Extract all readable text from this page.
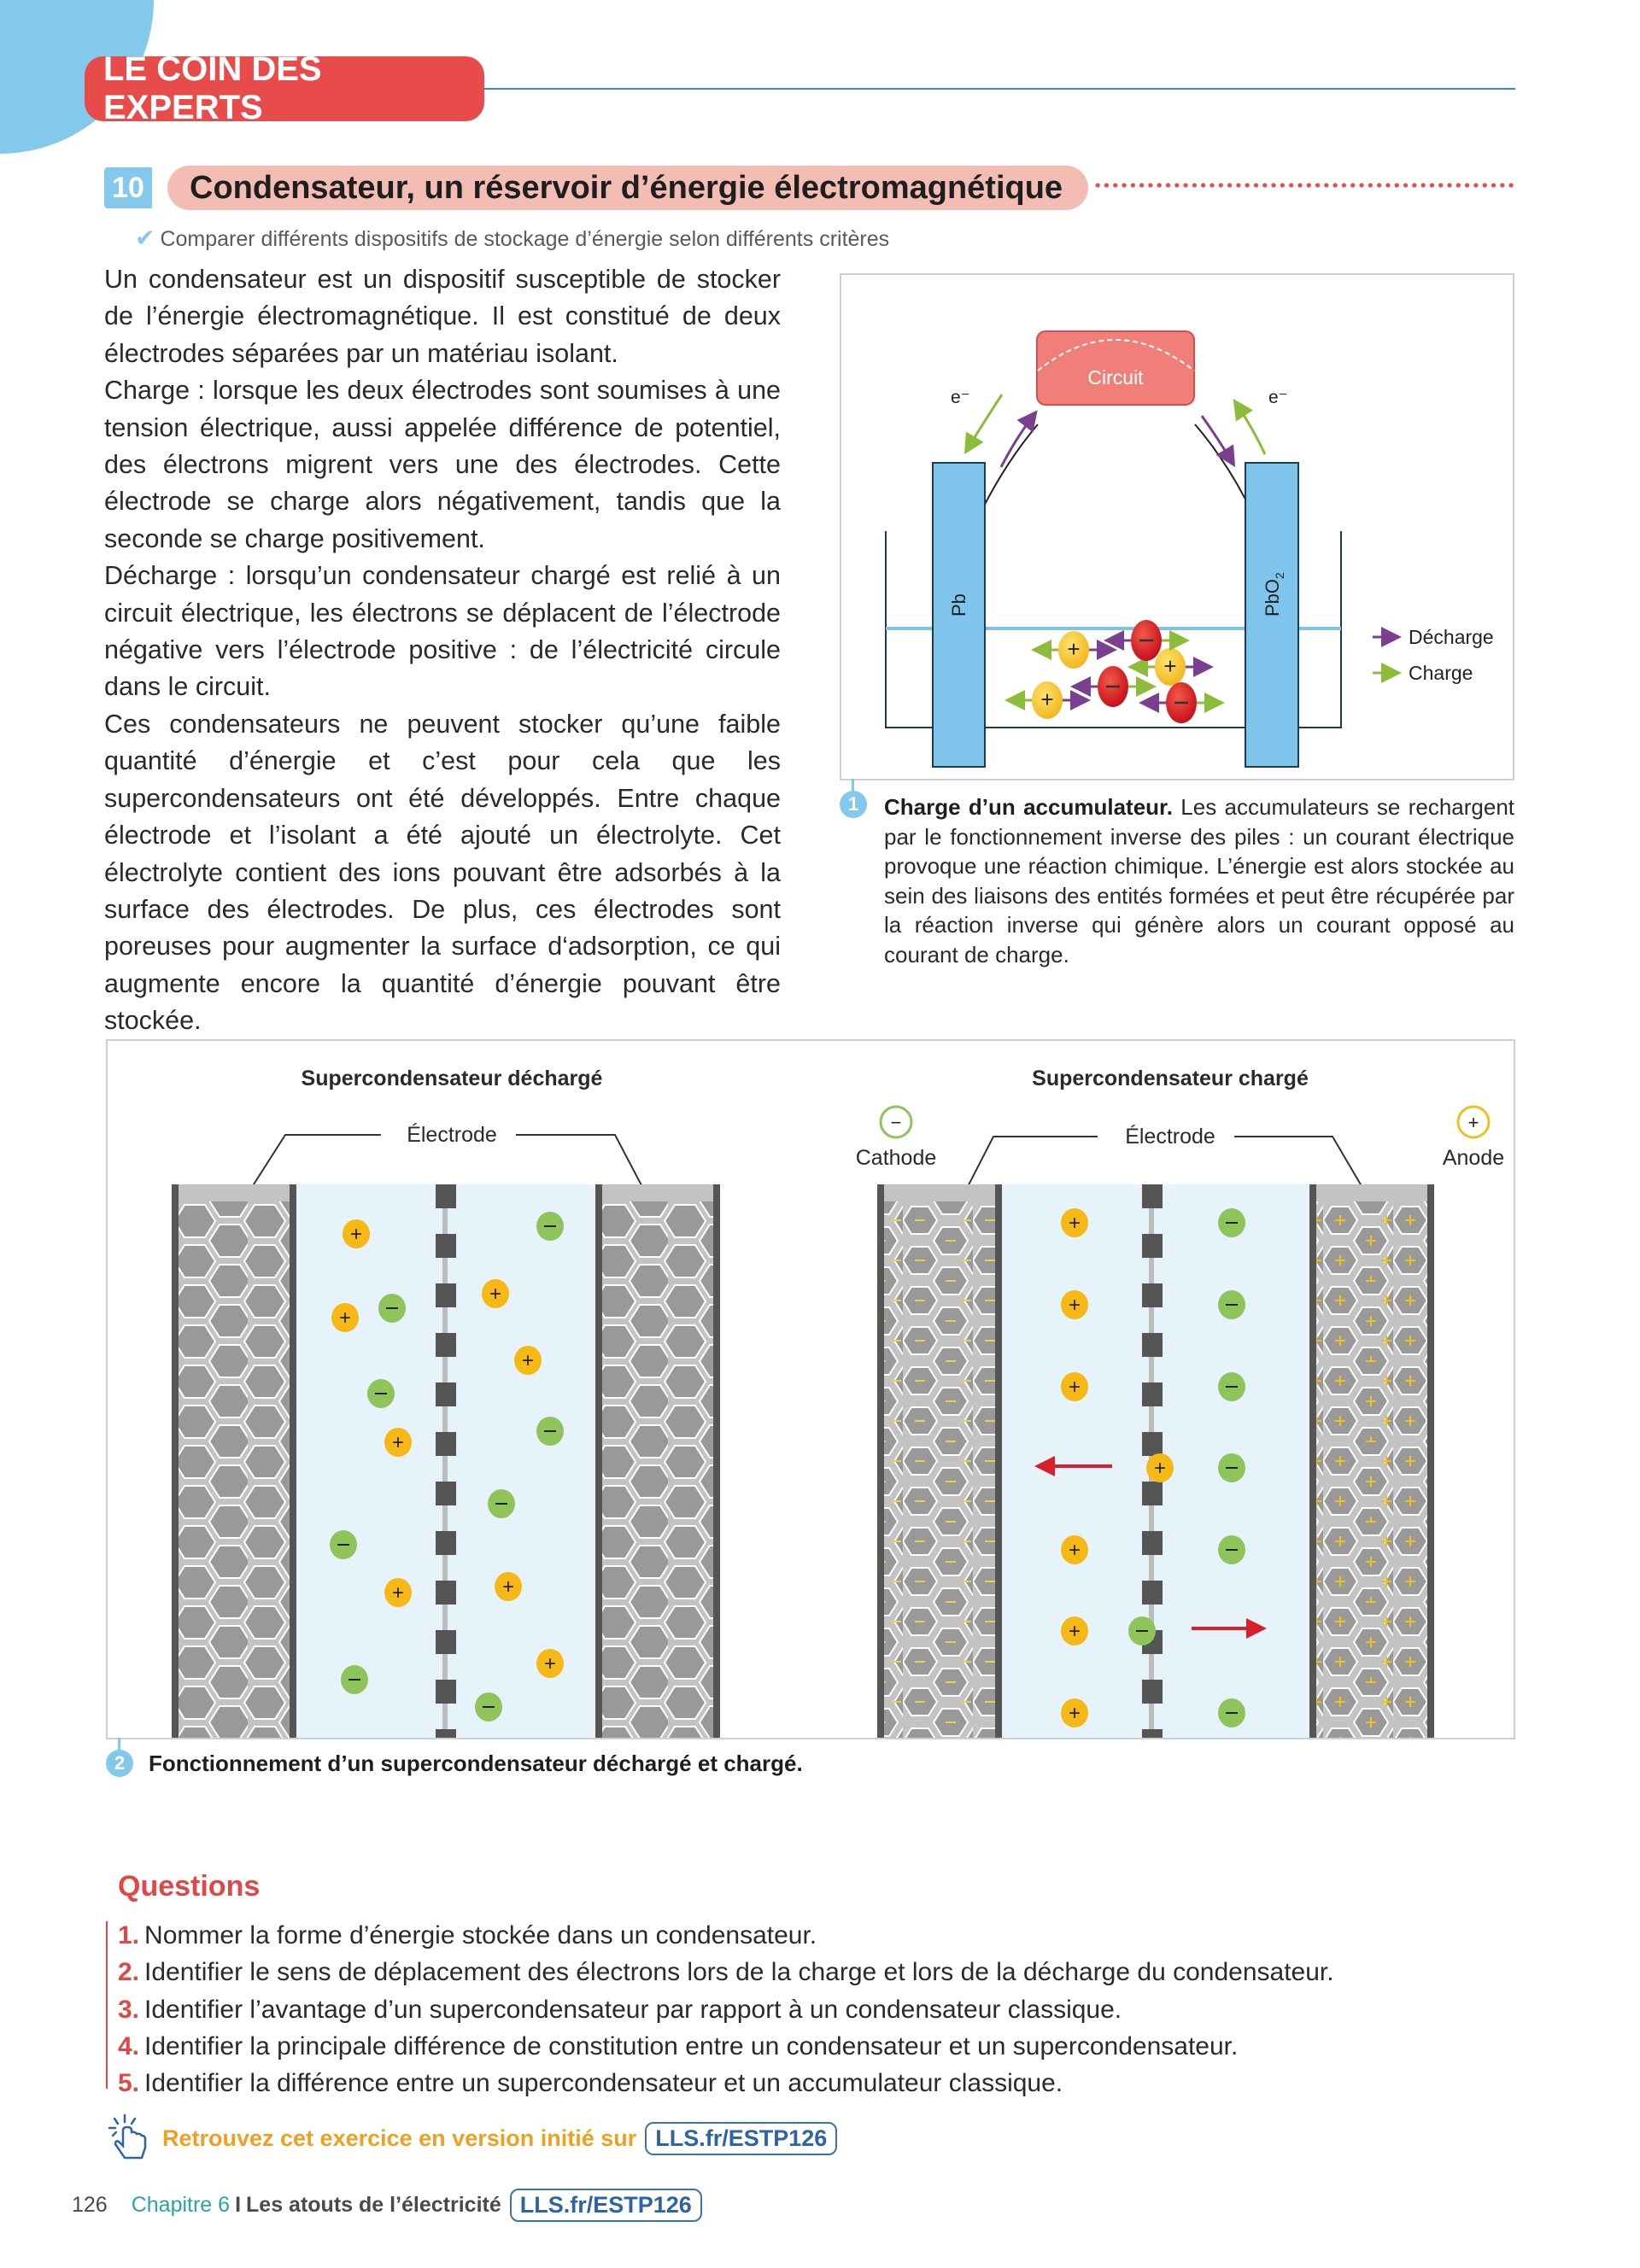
LE COIN DES EXPERTS
10 Condensateur, un réservoir d’énergie électromagnétique
✔ Comparer différents dispositifs de stockage d’énergie selon différents critères

Un condensateur est un dispositif susceptible de stocker de l’énergie électromagnétique. Il est constitué de deux électrodes séparées par un matériau isolant.

Charge : lorsque les deux électrodes sont soumises à une tension électrique, aussi appelée différence de potentiel, des électrons migrent vers une des électrodes. Cette électrode se charge alors négativement, tandis que la seconde se charge positivement.

Décharge : lorsqu’un condensateur chargé est relié à un circuit électrique, les électrons se déplacent de l’électrode négative vers l’électrode positive : de l’électricité circule dans le circuit.

Ces condensateurs ne peuvent stocker qu’une faible quantité d’énergie et c’est pour cela que les supercondensateurs ont été développés. Entre chaque électrode et l’isolant a été ajouté un électrolyte. Cet électrolyte contient des ions pouvant être adsorbés à la surface des électrodes. De plus, ces électrodes sont poreuses pour augmenter la surface d‘adsorption, ce qui augmente encore la quantité d’énergie pouvant être stockée.

Circuit
e⁻	e⁻
Pb	PbO$_2$
+
+
+
Décharge
Charge
1	Charge d’un accumulateur. Les accumulateurs se rechargent par le fonctionnement inverse des piles : un courant électrique provoque une réaction chimique. L’énergie est alors stockée au sein des liaisons des entités formées et peut être récupérée par la réaction inverse qui génère alors un courant opposé au courant de charge.
Supercondensateur déchargé
Électrode
+
+
+
+
+
+
+
+
Supercondensateur chargé
−
Cathode
+
Anode
Électrode
+
+
+
+
+
+
+
2	Fonctionnement d’un supercondensateur déchargé et chargé.
Questions
1. Nommer la forme d’énergie stockée dans un condensateur.
2. Identifier le sens de déplacement des électrons lors de la charge et lors de la décharge du condensateur.
3. Identifier l’avantage d’un supercondensateur par rapport à un condensateur classique.
4. Identifier la principale différence de constitution entre un condensateur et un supercondensateur.
5. Identifier la différence entre un supercondensateur et un accumulateur classique.
Retrouvez cet exercice en version initié sur LLS.fr/ESTP126
126 Chapitre 6 I Les atouts de l’électricité LLS.fr/ESTP126
